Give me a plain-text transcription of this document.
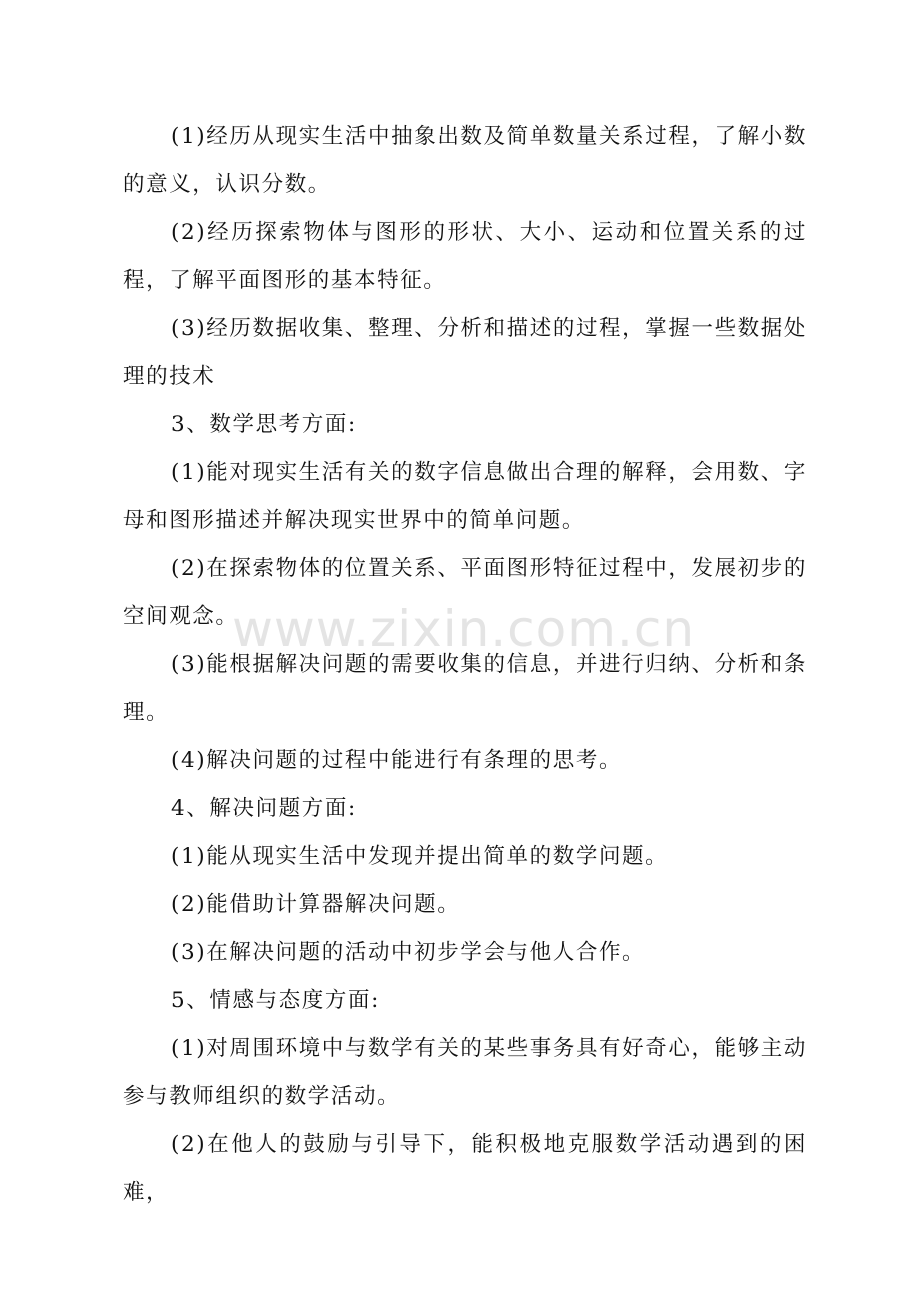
(1)经历从现实生活中抽象出数及简单数量关系过程，了解小数的意义，认识分数。

(2)经历探索物体与图形的形状、大小、运动和位置关系的过程，了解平面图形的基本特征。

(3)经历数据收集、整理、分析和描述的过程，掌握一些数据处理的技术

3、数学思考方面:

(1)能对现实生活有关的数字信息做出合理的解释，会用数、字母和图形描述并解决现实世界中的简单问题。

(2)在探索物体的位置关系、平面图形特征过程中，发展初步的空间观念。

(3)能根据解决问题的需要收集的信息，并进行归纳、分析和条理。

(4)解决问题的过程中能进行有条理的思考。

4、解决问题方面:

(1)能从现实生活中发现并提出简单的数学问题。

(2)能借助计算器解决问题。

(3)在解决问题的活动中初步学会与他人合作。

5、情感与态度方面:

(1)对周围环境中与数学有关的某些事务具有好奇心，能够主动参与教师组织的数学活动。

(2)在他人的鼓励与引导下，能积极地克服数学活动遇到的困难，

www.zixin.com.cn
